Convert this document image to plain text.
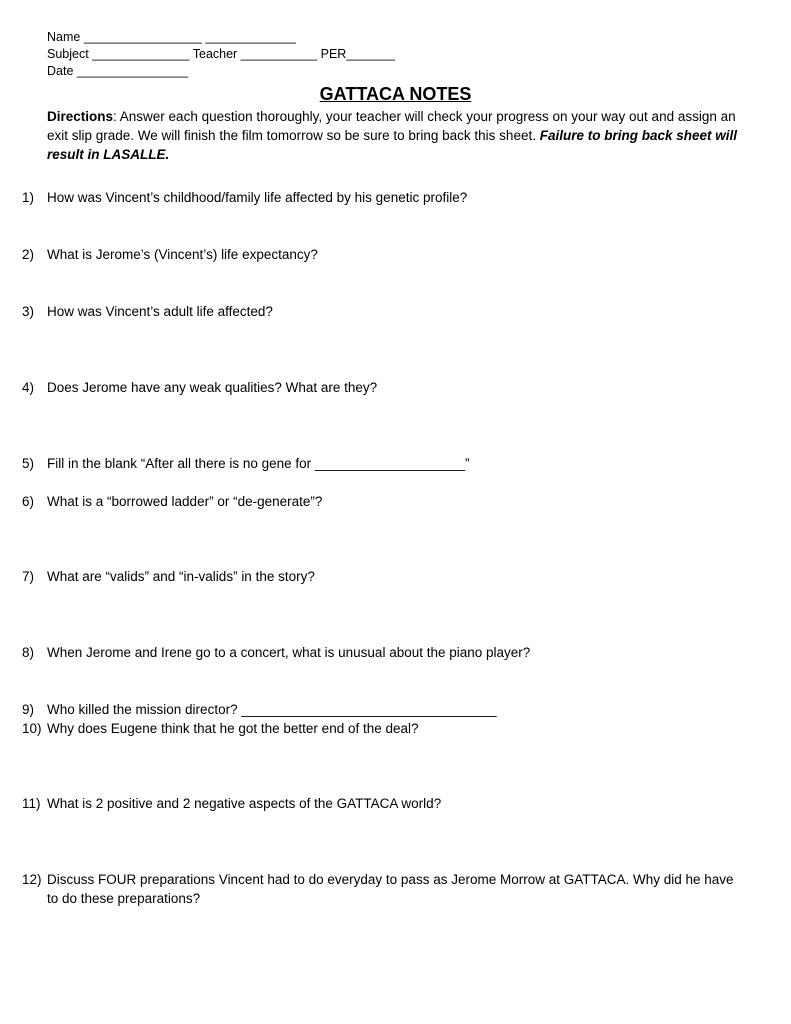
Name _________________ _____________
Subject ______________ Teacher ___________ PER_______
Date ________________
GATTACA NOTES
Directions: Answer each question thoroughly, your teacher will check your progress on your way out and assign an exit slip grade. We will finish the film tomorrow so be sure to bring back this sheet. Failure to bring back sheet will result in LASALLE.
1) How was Vincent’s childhood/family life affected by his genetic profile?
2) What is Jerome’s (Vincent’s) life expectancy?
3) How was Vincent’s adult life affected?
4) Does Jerome have any weak qualities? What are they?
5) Fill in the blank “After all there is no gene for ____________________”
6) What is a “borrowed ladder” or “de-generate”?
7) What are “valids” and “in-valids” in the story?
8) When Jerome and Irene go to a concert, what is unusual about the piano player?
9) Who killed the mission director? __________________________________
10) Why does Eugene think that he got the better end of the deal?
11) What is 2 positive and 2 negative aspects of the GATTACA world?
12) Discuss FOUR preparations Vincent had to do everyday to pass as Jerome Morrow at GATTACA. Why did he have to do these preparations?
